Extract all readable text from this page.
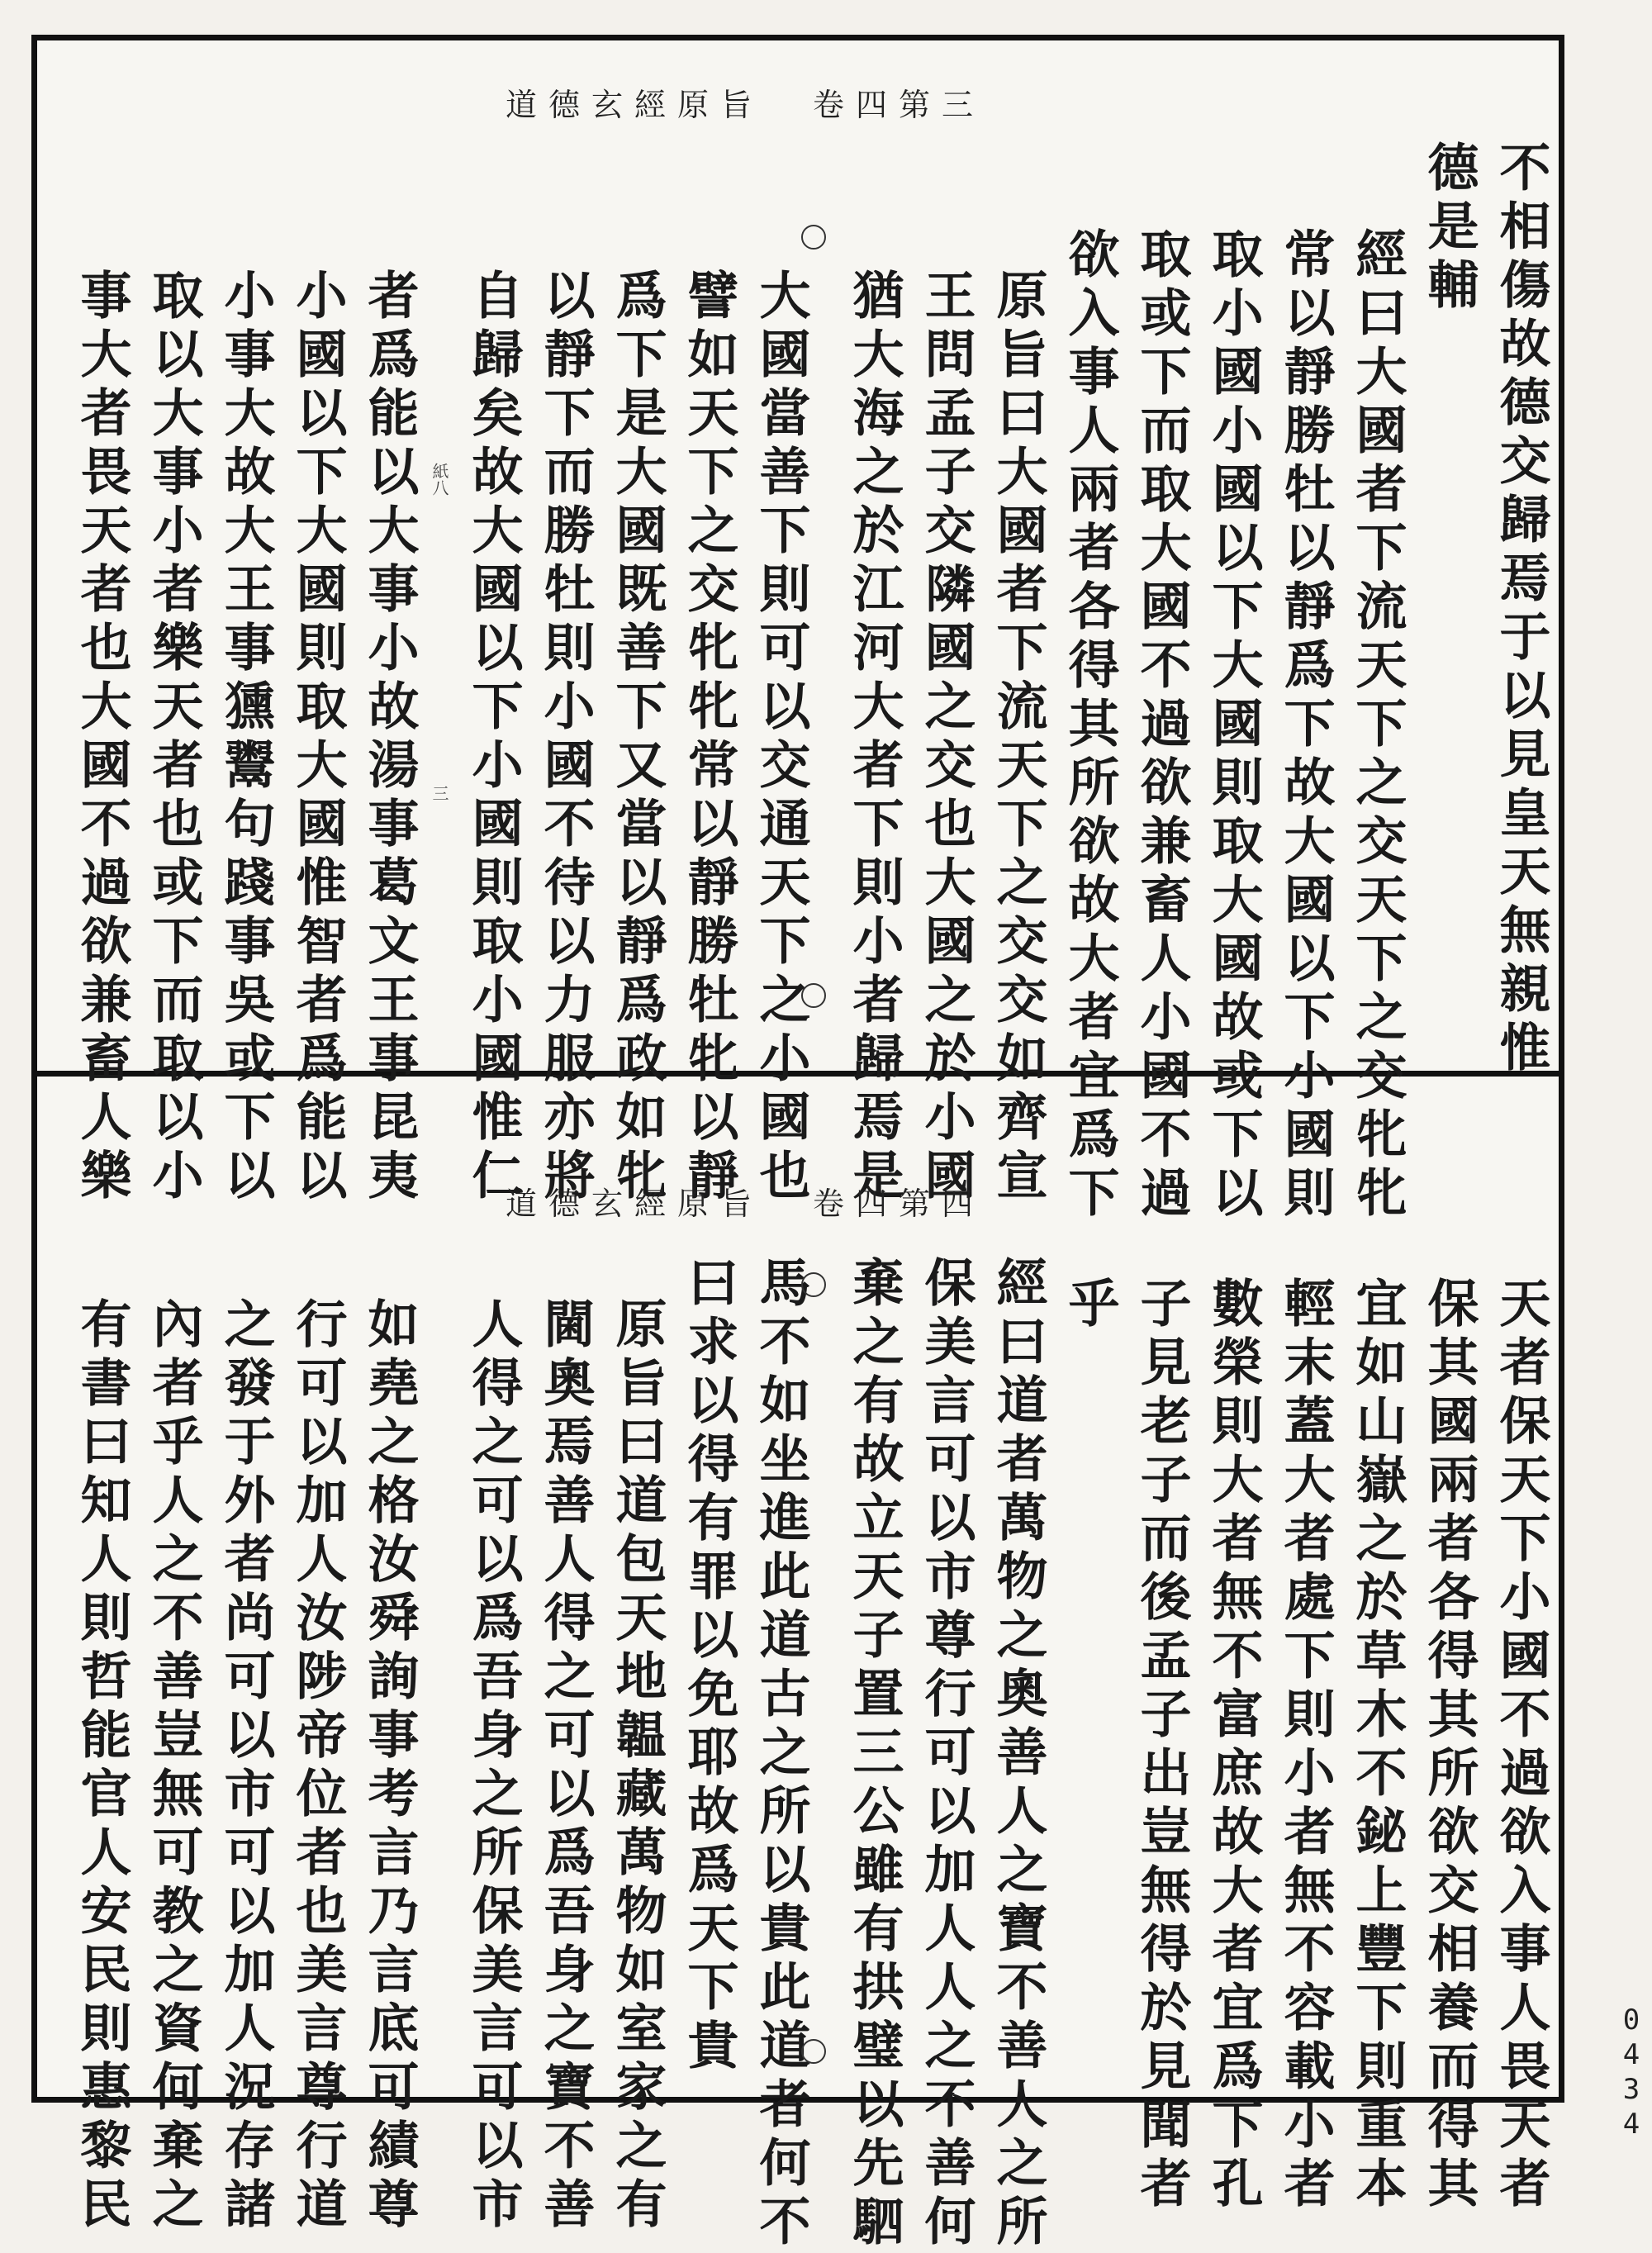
道德玄經原旨 卷四第三
不相傷故德交歸焉于以見皇天無親惟
德是輔
經曰大國者下流天下之交天下之交牝牝
常以靜勝牡以靜爲下故大國以下小國則
取小國小國以下大國則取大國故或下以
取或下而取大國不過欲兼畜人小國不過
欲入事人兩者各得其所欲故大者宜爲下
原旨曰大國者下流天下之交交如齊宣
王問孟子交隣國之交也大國之於小國
猶大海之於江河大者下則小者歸焉是
大國當善下則可以交通天下之小國也
譬如天下之交牝牝常以靜勝牡牝以靜
爲下是大國既善下又當以靜爲政如牝
以靜下而勝牡則小國不待以力服亦將
自歸矣故大國以下小國則取小國惟仁
者爲能以大事小故湯事葛文王事昆夷
小國以下大國則取大國惟智者爲能以
小事大故大王事獯鬻句踐事吳或下以
取以大事小者樂天者也或下而取以小
事大者畏天者也大國不過欲兼畜人樂	紙八
三
道德玄經原旨 卷四第四
天者保天下小國不過欲入事人畏天者
保其國兩者各得其所欲交相養而得其
宜如山嶽之於草木不鉍上豐下則重本
輕末蓋大者處下則小者無不容載小者
數榮則大者無不富庶故大者宜爲下孔
子見老子而後孟子出豈無得於見聞者
乎
經曰道者萬物之奧善人之寶不善人之所
保美言可以市尊行可以加人人之不善何
棄之有故立天子置三公雖有拱璧以先駟
馬不如坐進此道古之所以貴此道者何不
曰求以得有罪以免耶故爲天下貴
原旨曰道包天地韞藏萬物如室家之有
閫奧焉善人得之可以爲吾身之寶不善
人得之可以爲吾身之所保美言可以市
如堯之格汝舜詢事考言乃言底可績尊
行可以加人汝陟帝位者也美言尊行道
之發于外者尚可以市可以加人況存諸
內者乎人之不善豈無可教之資何棄之
有書曰知人則哲能官人安民則惠黎民	0434
